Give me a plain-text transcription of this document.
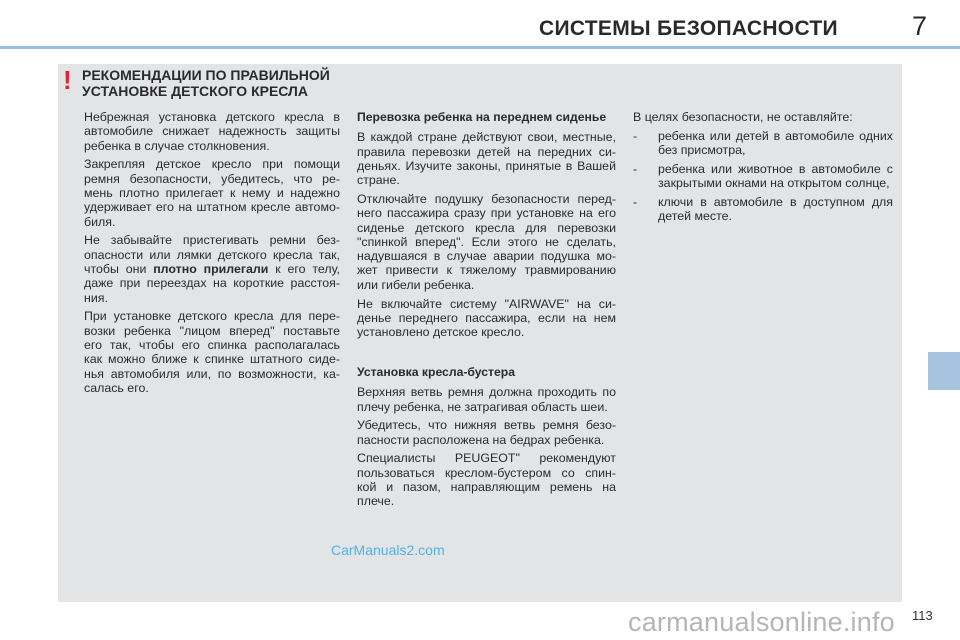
СИСТЕМЫ БЕЗОПАСНОСТИ	7
! РЕКОМЕНДАЦИИ ПО ПРАВИЛЬНОЙ
УСТАНОВКЕ ДЕТСКОГО КРЕСЛА
Небрежная установка детского кресла в
автомобиле снижает надежность защиты
ребенка в случае столкновения.
Закрепляя детское кресло при помощи
ремня безопасности, убедитесь, что ре-
мень плотно прилегает к нему и надежно
удерживает его на штатном кресле автомо-
биля.
Не забывайте пристегивать ремни без-
опасности или лямки детского кресла так,
чтобы они плотно прилегали к его телу,
даже при переездах на короткие расстоя-
ния.
При установке детского кресла для пере-
возки ребенка "лицом вперед" поставьте
его так, чтобы его спинка располагалась
как можно ближе к спинке штатного сиде-
нья автомобиля или, по возможности, ка-
салась его.
Перевозка ребенка на переднем сиденье
В каждой стране действуют свои, местные,
правила перевозки детей на передних си-
деньях. Изучите законы, принятые в Вашей
стране.
Отключайте подушку безопасности перед-
него пассажира сразу при установке на его
сиденье детского кресла для перевозки
"спинкой вперед". Если этого не сделать,
надувшаяся в случае аварии подушка мо-
жет привести к тяжелому травмированию
или гибели ребенка.
Не включайте систему "AIRWAVE" на си-
денье переднего пассажира, если на нем
установлено детское кресло.
Установка кресла-бустера
Верхняя ветвь ремня должна проходить по
плечу ребенка, не затрагивая область шеи.
Убедитесь, что нижняя ветвь ремня безо-
пасности расположена на бедрах ребенка.
Специалисты PEUGEOT" рекомендуют
пользоваться креслом-бустером со спин-
кой и пазом, направляющим ремень на
плече.
В целях безопасности, не оставляйте:
-	ребенка или детей в автомобиле одних
без присмотра,
-	ребенка или животное в автомобиле с
закрытыми окнами на открытом солнце,
-	ключи в автомобиле в доступном для
детей месте.
CarManuals2.com
carmanualsonline.info 113
